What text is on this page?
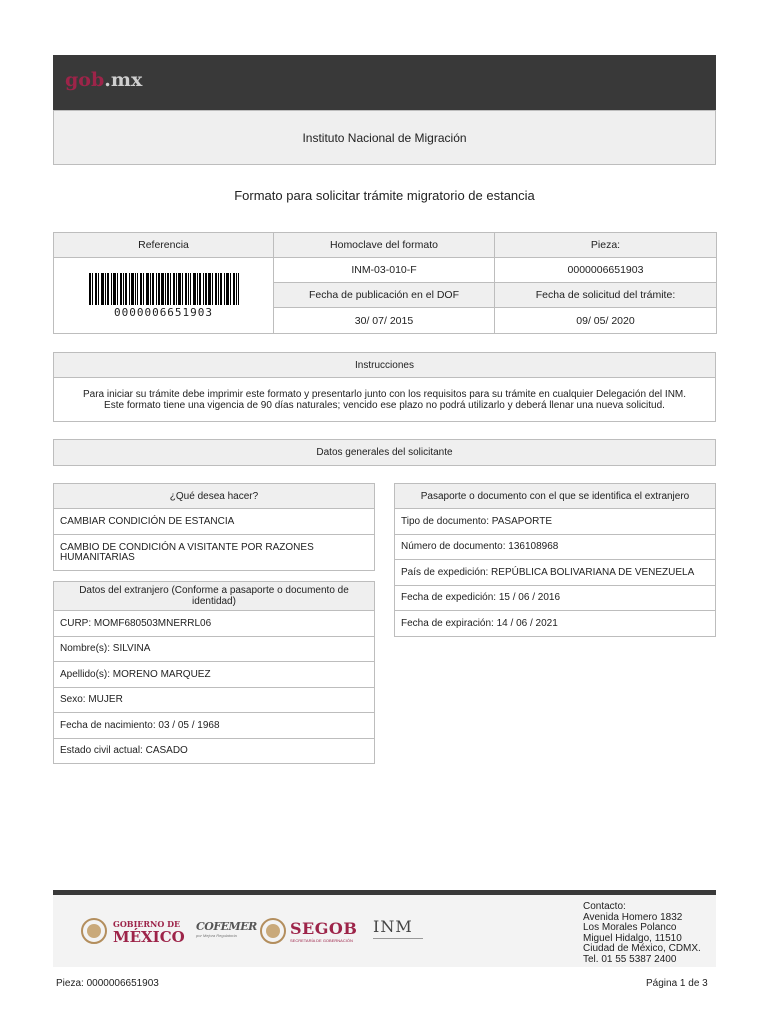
gob.mx
Instituto Nacional de Migración
Formato para solicitar trámite migratorio de estancia
Referencia	Homoclave del formato	Pieza:

0000006651903	INM-03-010-F	0000006651903
	Fecha de publicación en el DOF	Fecha de solicitud del trámite:
	30/ 07/ 2015	09/ 05/ 2020
Instrucciones
Para iniciar su trámite debe imprimir este formato y presentarlo junto con los requisitos para su trámite en cualquier Delegación del INM.
Este formato tiene una vigencia de 90 días naturales; vencido ese plazo no podrá utilizarlo y deberá llenar una nueva solicitud.
Datos generales del solicitante
¿Qué desea hacer?
CAMBIAR CONDICIÓN DE ESTANCIA
CAMBIO DE CONDICIÓN A VISITANTE POR RAZONES HUMANITARIAS
Datos del extranjero (Conforme a pasaporte o documento de identidad)
CURP: MOMF680503MNERRL06
Nombre(s): SILVINA
Apellido(s): MORENO MARQUEZ
Sexo: MUJER
Fecha de nacimiento: 03 / 05 / 1968
Estado civil actual: CASADO
Pasaporte o documento con el que se identifica el extranjero
Tipo de documento: PASAPORTE
Número de documento: 136108968
País de expedición: REPÚBLICA BOLIVARIANA DE VENEZUELA
Fecha de expedición: 15 / 06 / 2016
Fecha de expiración: 14 / 06 / 2021
GOBIERNO DE
MÉXICO
COFEMER
por Mejora Regulatoria	SEGOB
SECRETARÍA DE GOBERNACIÓN
INM
Contacto:
Avenida Homero 1832
Los Morales Polanco
Miguel Hidalgo, 11510
Ciudad de México, CDMX.
Tel. 01 55 5387 2400
Pieza: 0000006651903	Página 1 de 3
